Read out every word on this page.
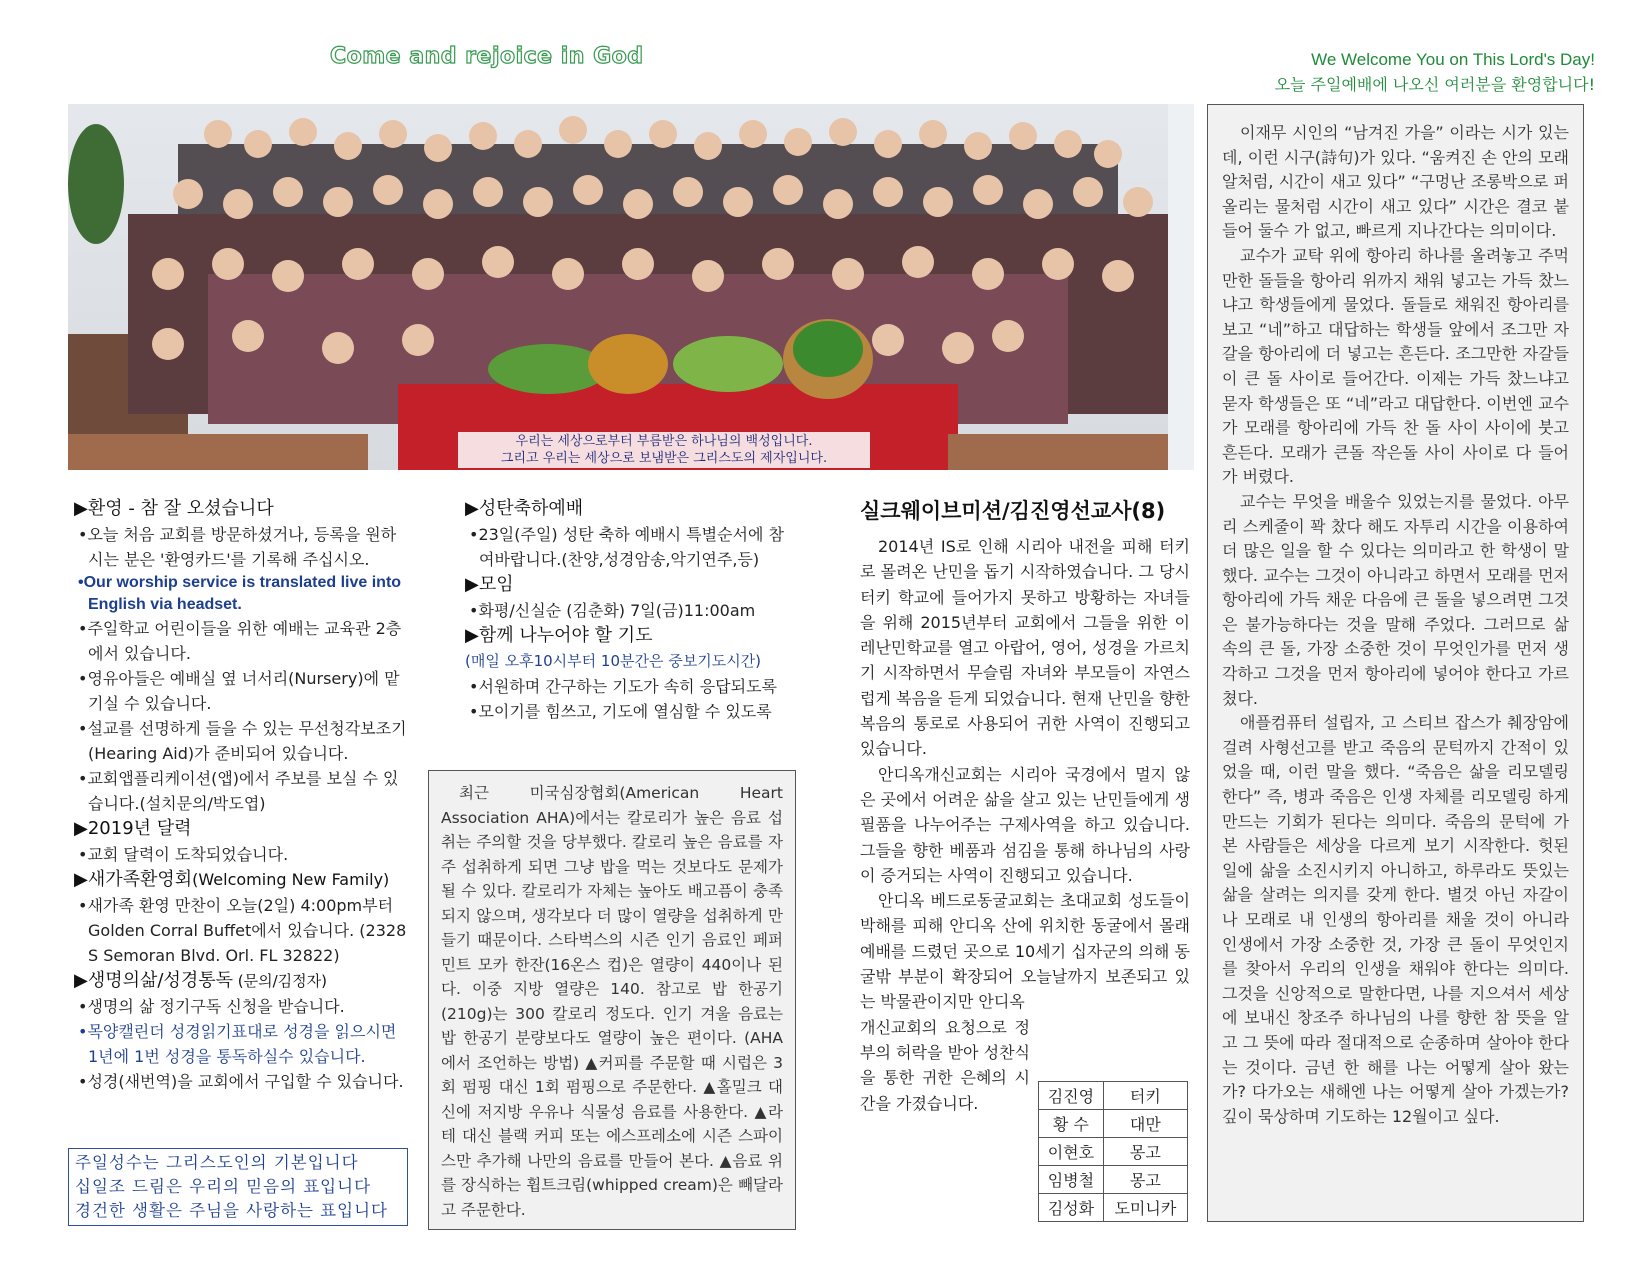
Come and rejoice in God	We Welcome You on This Lord's Day!
오늘 주일예배에 나오신 여러분을 환영합니다!
우리는 세상으로부터 부름받은 하나님의 백성입니다.
그리고 우리는 세상으로 보냄받은 그리스도의 제자입니다.
▶환영 - 참 잘 오셨습니다
•오늘 처음 교회를 방문하셨거나, 등록을 원하시는 분은 '환영카드'를 기록해 주십시오.
•Our worship service is translated live into English via headset.
•주일학교 어린이들을 위한 예배는 교육관 2층에서 있습니다.
•영유아들은 예배실 옆 너서리(Nursery)에 맡기실 수 있습니다.
•설교를 선명하게 들을 수 있는 무선청각보조기(Hearing Aid)가 준비되어 있습니다.
•교회앱플리케이션(앱)에서 주보를 보실 수 있습니다.(설치문의/박도엽)
▶2019년 달력
•교회 달력이 도착되었습니다.
▶새가족환영회(Welcoming New Family)
•새가족 환영 만찬이 오늘(2일) 4:00pm부터 Golden Corral Buffet에서 있습니다. (2328 S Semoran Blvd. Orl. FL 32822)
▶생명의삶/성경통독 (문의/김정자)
•생명의 삶 정기구독 신청을 받습니다.
•목양캘린더 성경읽기표대로 성경을 읽으시면 1년에 1번 성경을 통독하실수 있습니다.
•성경(새번역)을 교회에서 구입할 수 있습니다.
주일성수는 그리스도인의 기본입니다
십일조 드림은 우리의 믿음의 표입니다
경건한 생활은 주님을 사랑하는 표입니다
▶성탄축하예배
•23일(주일) 성탄 축하 예배시 특별순서에 참여바랍니다.(찬양,성경암송,악기연주,등)
▶모임
•화평/신실순 (김춘화) 7일(금)11:00am
▶함께 나누어야 할 기도
(매일 오후10시부터 10분간은 중보기도시간)
•서원하며 간구하는 기도가 속히 응답되도록
•모이기를 힘쓰고, 기도에 열심할 수 있도록
최근 미국심장협회(American Heart Association AHA)에서는 칼로리가 높은 음료 섭취는 주의할 것을 당부했다. 칼로리 높은 음료를 자주 섭취하게 되면 그냥 밥을 먹는 것보다도 문제가 될 수 있다. 칼로리가 자체는 높아도 배고픔이 충족되지 않으며, 생각보다 더 많이 열량을 섭취하게 만들기 때문이다. 스타벅스의 시즌 인기 음료인 페퍼민트 모카 한잔(16온스 컵)은 열량이 440이나 된다. 이중 지방 열량은 140. 참고로 밥 한공기(210g)는 300 칼로리 정도다. 인기 겨울 음료는 밥 한공기 분량보다도 열량이 높은 편이다. (AHA에서 조언하는 방법) ▲커피를 주문할 때 시럽은 3회 펌핑 대신 1회 펌핑으로 주문한다. ▲홀밀크 대신에 저지방 우유나 식물성 음료를 사용한다. ▲라테 대신 블랙 커피 또는 에스프레소에 시즌 스파이스만 추가해 나만의 음료를 만들어 본다. ▲음료 위를 장식하는 휩트크림(whipped cream)은 빼달라고 주문한다.
실크웨이브미션/김진영선교사(8)

2014년 IS로 인해 시리아 내전을 피해 터키로 몰려온 난민을 돕기 시작하였습니다. 그 당시 터키 학교에 들어가지 못하고 방황하는 자녀들을 위해 2015년부터 교회에서 그들을 위한 이레난민학교를 열고 아랍어, 영어, 성경을 가르치기 시작하면서 무슬림 자녀와 부모들이 자연스럽게 복음을 듣게 되었습니다. 현재 난민을 향한 복음의 통로로 사용되어 귀한 사역이 진행되고 있습니다.

안디옥개신교회는 시리아 국경에서 멀지 않은 곳에서 어려운 삶을 살고 있는 난민들에게 생필품을 나누어주는 구제사역을 하고 있습니다. 그들을 향한 베품과 섬김을 통해 하나님의 사랑이 증거되는 사역이 진행되고 있습니다.

안디옥 베드로동굴교회는 초대교회 성도들이 박해를 피해 안디옥 산에 위치한 동굴에서 몰래 예배를 드렸던 곳으로 10세기 십자군의 의해 동굴밖 부분이 확장되어 오늘날까지 보존되고 있는 박물관이지만 안디옥

개신교회의 요청으로 정부의 허락을 받아 성찬식을 통한 귀한 은혜의 시간을 가졌습니다.	김진영	터키
황 수	대만
이현호	몽고
임병철	몽고
김성화	도미니카

이재무 시인의 “남겨진 가을” 이라는 시가 있는데, 이런 시구(詩句)가 있다. “움켜진 손 안의 모래알처럼, 시간이 새고 있다” “구멍난 조롱박으로 퍼올리는 물처럼 시간이 새고 있다” 시간은 결코 붙들어 둘수 가 없고, 빠르게 지나간다는 의미이다.

교수가 교탁 위에 항아리 하나를 올려놓고 주먹만한 돌들을 항아리 위까지 채워 넣고는 가득 찼느냐고 학생들에게 물었다. 돌들로 채워진 항아리를 보고 “네”하고 대답하는 학생들 앞에서 조그만 자갈을 항아리에 더 넣고는 흔든다. 조그만한 자갈들이 큰 돌 사이로 들어간다. 이제는 가득 찼느냐고 묻자 학생들은 또 “네”라고 대답한다. 이번엔 교수가 모래를 항아리에 가득 찬 돌 사이 사이에 붓고 흔든다. 모래가 큰돌 작은돌 사이 사이로 다 들어가 버렸다.

교수는 무엇을 배울수 있었는지를 물었다. 아무리 스케줄이 꽉 찼다 해도 자투리 시간을 이용하여 더 많은 일을 할 수 있다는 의미라고 한 학생이 말했다. 교수는 그것이 아니라고 하면서 모래를 먼저 항아리에 가득 채운 다음에 큰 돌을 넣으려면 그것은 불가능하다는 것을 말해 주었다. 그러므로 삶 속의 큰 돌, 가장 소중한 것이 무엇인가를 먼저 생각하고 그것을 먼저 항아리에 넣어야 한다고 가르쳤다.

애플컴퓨터 설립자, 고 스티브 잡스가 췌장암에 걸려 사형선고를 받고 죽음의 문턱까지 간적이 있었을 때, 이런 말을 했다. “죽음은 삶을 리모델링 한다” 즉, 병과 죽음은 인생 자체를 리모델링 하게 만드는 기회가 된다는 의미다. 죽음의 문턱에 가 본 사람들은 세상을 다르게 보기 시작한다. 헛된 일에 삶을 소진시키지 아니하고, 하루라도 뜻있는 삶을 살려는 의지를 갖게 한다. 별것 아닌 자갈이나 모래로 내 인생의 항아리를 채울 것이 아니라 인생에서 가장 소중한 것, 가장 큰 돌이 무엇인지를 찾아서 우리의 인생을 채워야 한다는 의미다. 그것을 신앙적으로 말한다면, 나를 지으셔서 세상에 보내신 창조주 하나님의 나를 향한 참 뜻을 알고 그 뜻에 따라 절대적으로 순종하며 살아야 한다는 것이다. 금년 한 해를 나는 어떻게 살아 왔는가? 다가오는 새해엔 나는 어떻게 살아 가겠는가? 깊이 묵상하며 기도하는 12월이고 싶다.
